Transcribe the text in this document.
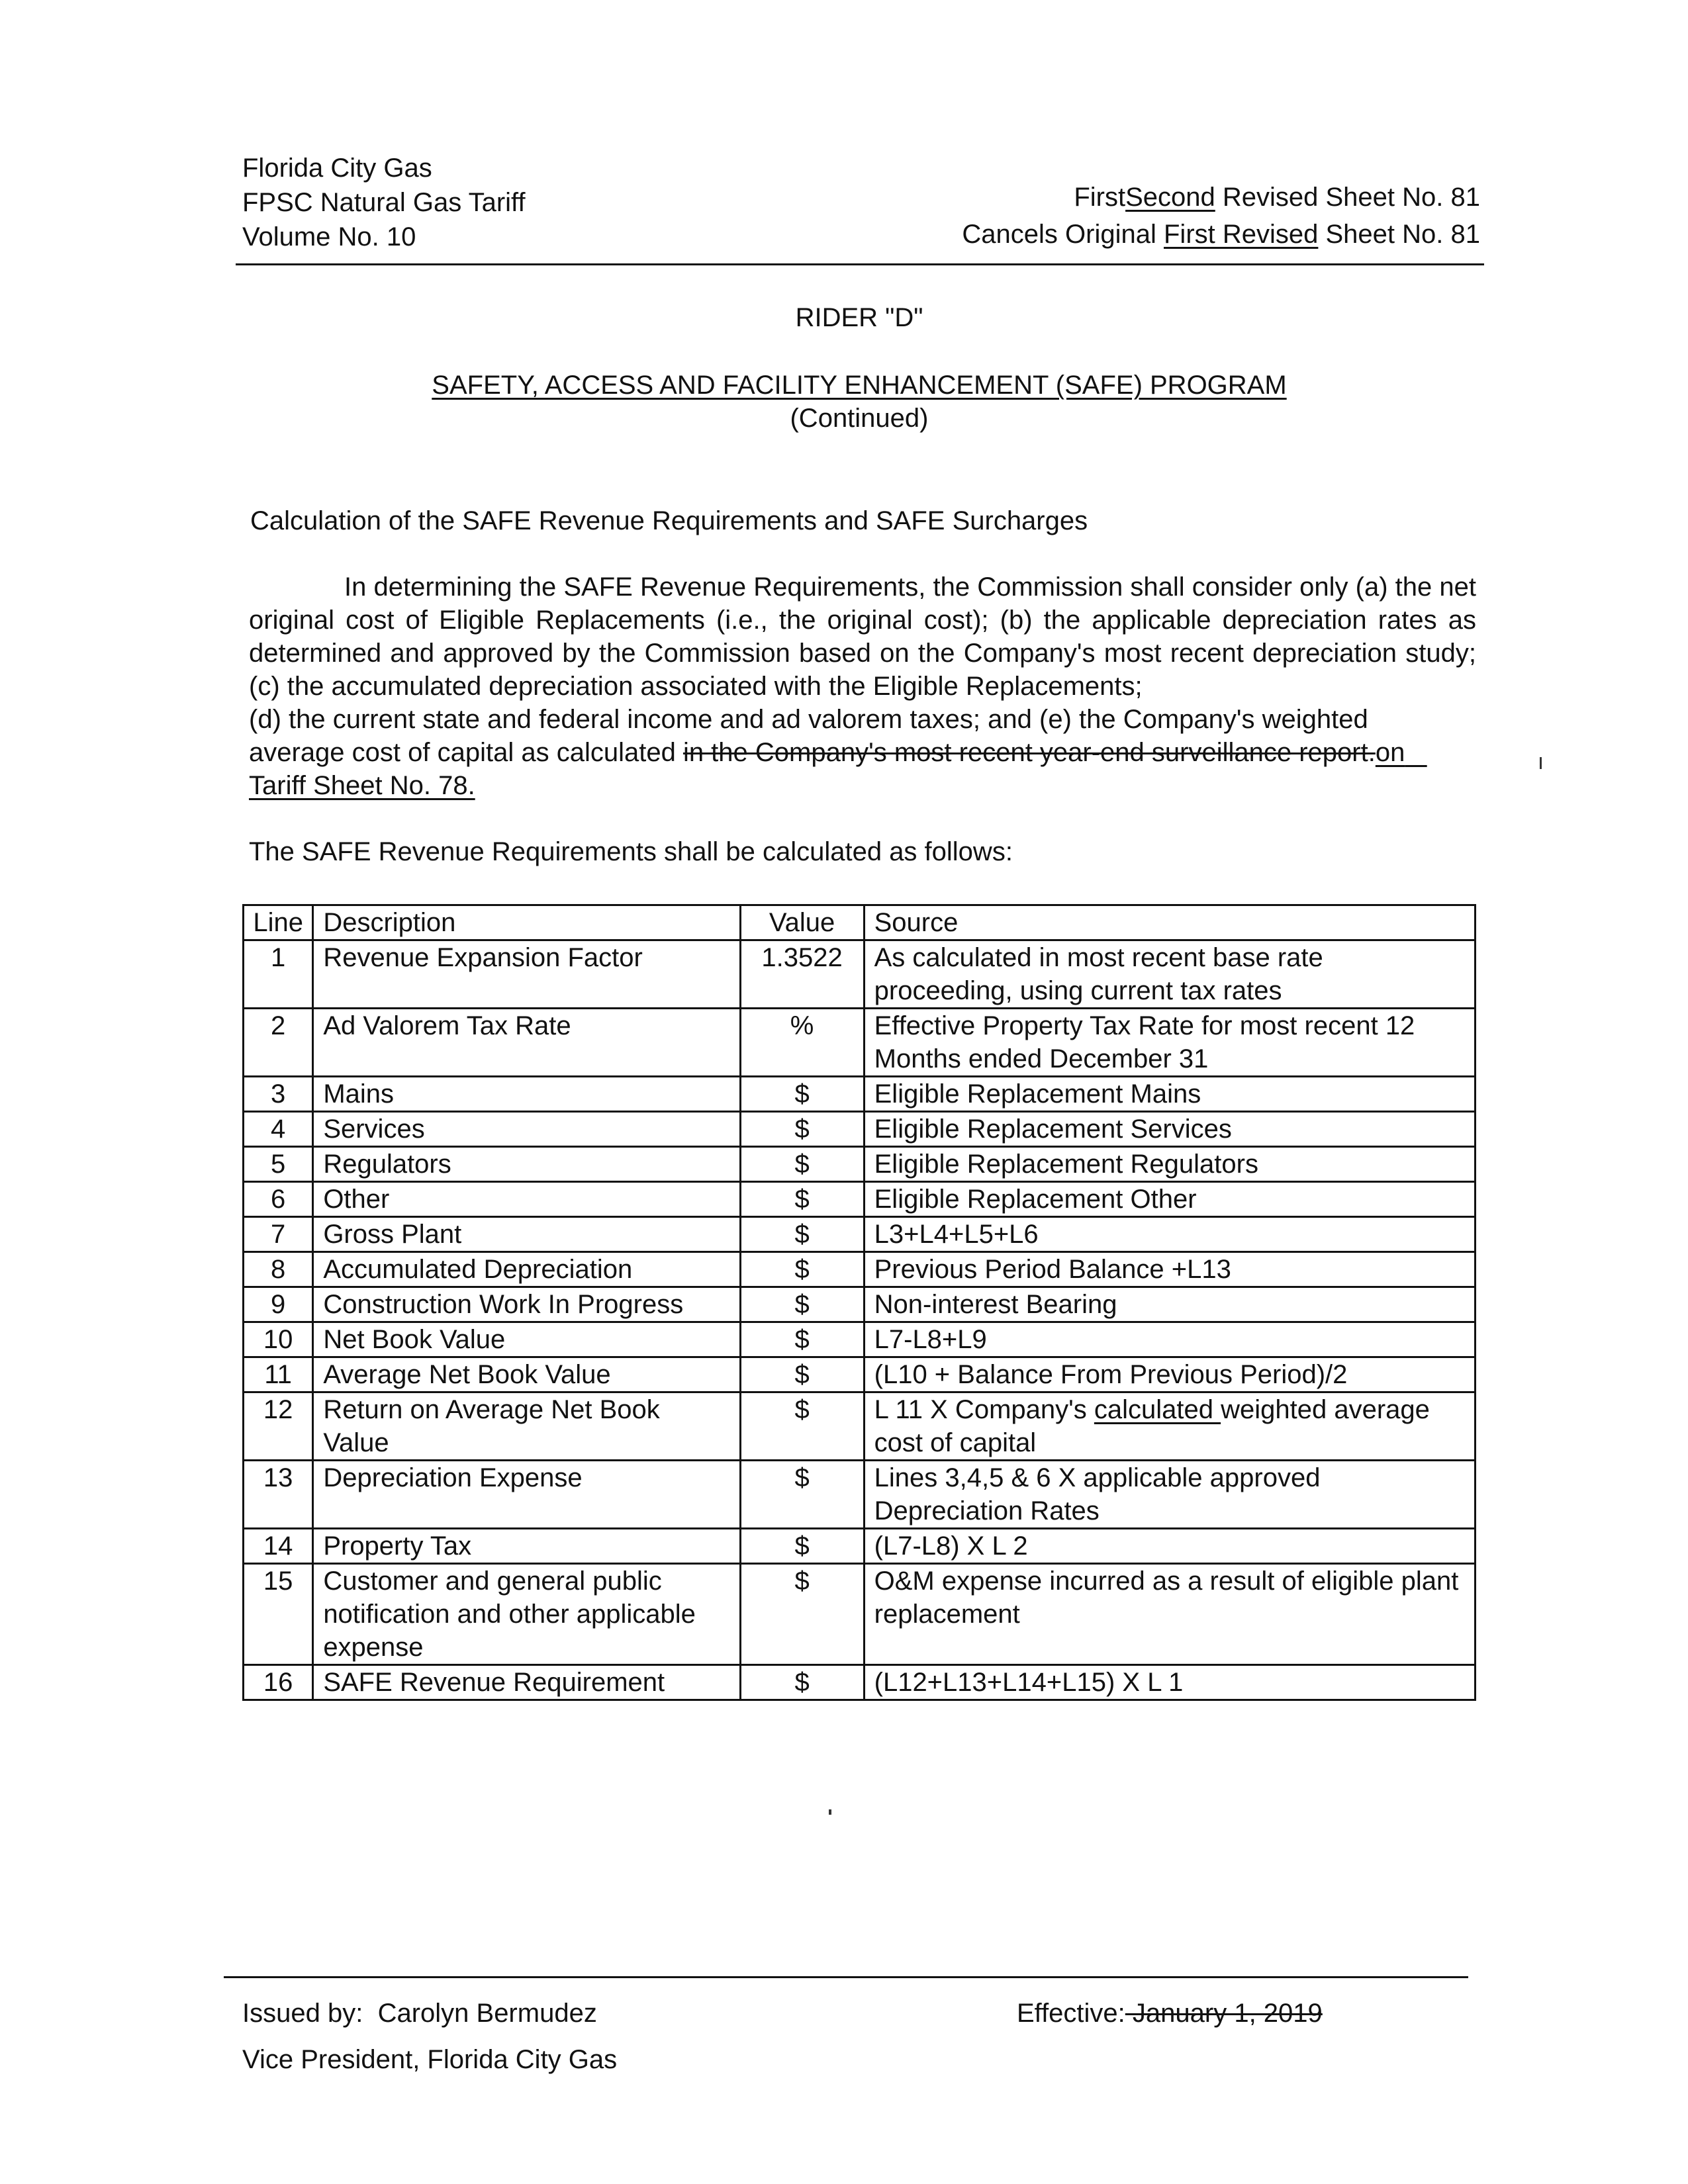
Florida City Gas
FPSC Natural Gas Tariff
Volume No. 10
FirstSecond Revised Sheet No. 81
Cancels Original First Revised Sheet No. 81
RIDER "D"
SAFETY, ACCESS AND FACILITY ENHANCEMENT (SAFE) PROGRAM
(Continued)
Calculation of the SAFE Revenue Requirements and SAFE Surcharges
In determining the SAFE Revenue Requirements, the Commission shall consider only (a) the net original cost of Eligible Replacements (i.e., the original cost); (b) the applicable depreciation rates as determined and approved by the Commission based on the Company's most recent depreciation study; (c) the accumulated depreciation associated with the Eligible Replacements;
(d) the current state and federal income and ad valorem taxes; and (e) the Company's weighted
average cost of capital as calculated in the Company's most recent year-end surveillance report.on
Tariff Sheet No. 78.
The SAFE Revenue Requirements shall be calculated as follows:
Line	Description	Value	Source
1	Revenue Expansion Factor	1.3522	As calculated in most recent base rate proceeding, using current tax rates
2	Ad Valorem Tax Rate	%	Effective Property Tax Rate for most recent 12 Months ended December 31
3	Mains	$	Eligible Replacement Mains
4	Services	$	Eligible Replacement Services
5	Regulators	$	Eligible Replacement Regulators
6	Other	$	Eligible Replacement Other
7	Gross Plant	$	L3+L4+L5+L6
8	Accumulated Depreciation	$	Previous Period Balance +L13
9	Construction Work In Progress	$	Non-interest Bearing
10	Net Book Value	$	L7-L8+L9
11	Average Net Book Value	$	(L10 + Balance From Previous Period)/2
12	Return on Average Net Book Value	$	L 11 X Company's calculated weighted average cost of capital
13	Depreciation Expense	$	Lines 3,4,5 & 6 X applicable approved Depreciation Rates
14	Property Tax	$	(L7-L8) X L 2
15	Customer and general public notification and other applicable expense	$	O&M expense incurred as a result of eligible plant replacement
16	SAFE Revenue Requirement	$	(L12+L13+L14+L15) X L 1
Issued by: Carolyn Bermudez
Vice President, Florida City Gas
Effective: January 1, 2019
